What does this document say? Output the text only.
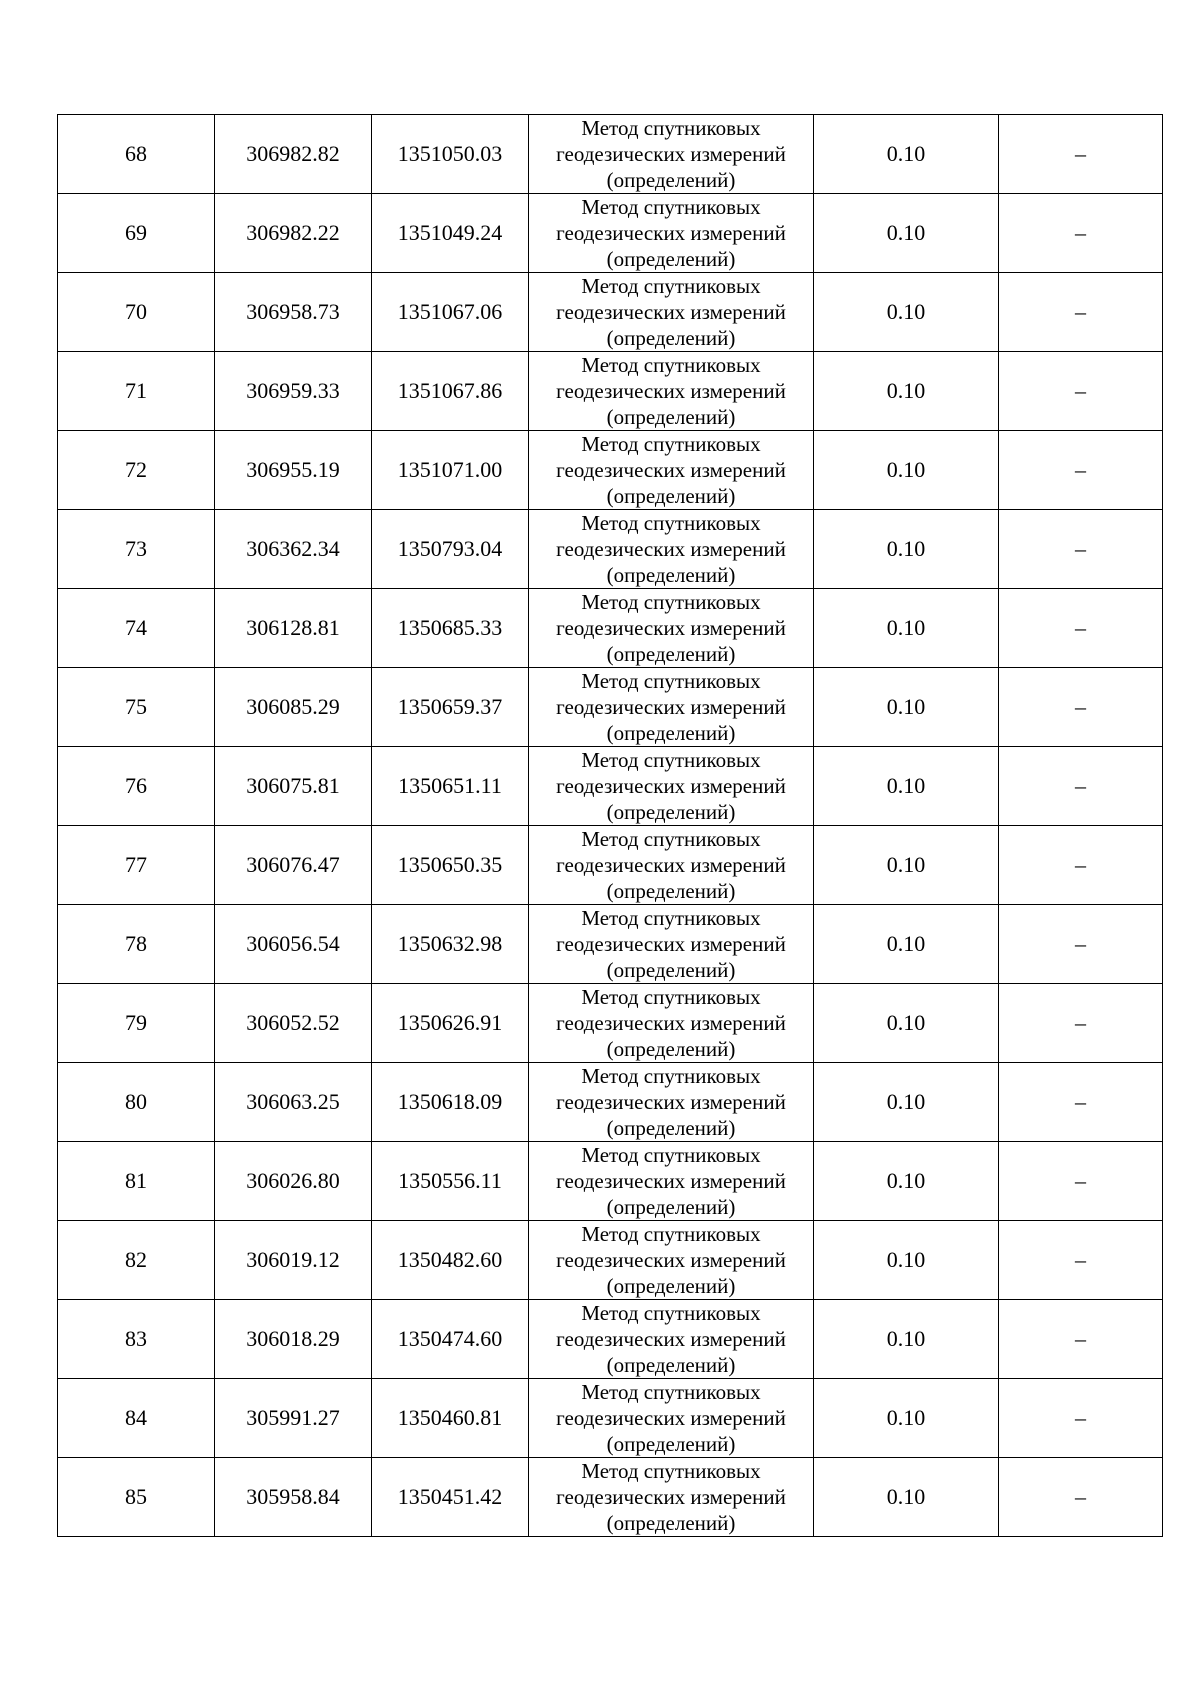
68	306982.82	1351050.03	Метод спутниковых
геодезических измерений
(определений)	0.10	–
69	306982.22	1351049.24	Метод спутниковых
геодезических измерений
(определений)	0.10	–
70	306958.73	1351067.06	Метод спутниковых
геодезических измерений
(определений)	0.10	–
71	306959.33	1351067.86	Метод спутниковых
геодезических измерений
(определений)	0.10	–
72	306955.19	1351071.00	Метод спутниковых
геодезических измерений
(определений)	0.10	–
73	306362.34	1350793.04	Метод спутниковых
геодезических измерений
(определений)	0.10	–
74	306128.81	1350685.33	Метод спутниковых
геодезических измерений
(определений)	0.10	–
75	306085.29	1350659.37	Метод спутниковых
геодезических измерений
(определений)	0.10	–
76	306075.81	1350651.11	Метод спутниковых
геодезических измерений
(определений)	0.10	–
77	306076.47	1350650.35	Метод спутниковых
геодезических измерений
(определений)	0.10	–
78	306056.54	1350632.98	Метод спутниковых
геодезических измерений
(определений)	0.10	–
79	306052.52	1350626.91	Метод спутниковых
геодезических измерений
(определений)	0.10	–
80	306063.25	1350618.09	Метод спутниковых
геодезических измерений
(определений)	0.10	–
81	306026.80	1350556.11	Метод спутниковых
геодезических измерений
(определений)	0.10	–
82	306019.12	1350482.60	Метод спутниковых
геодезических измерений
(определений)	0.10	–
83	306018.29	1350474.60	Метод спутниковых
геодезических измерений
(определений)	0.10	–
84	305991.27	1350460.81	Метод спутниковых
геодезических измерений
(определений)	0.10	–
85	305958.84	1350451.42	Метод спутниковых
геодезических измерений
(определений)	0.10	–
